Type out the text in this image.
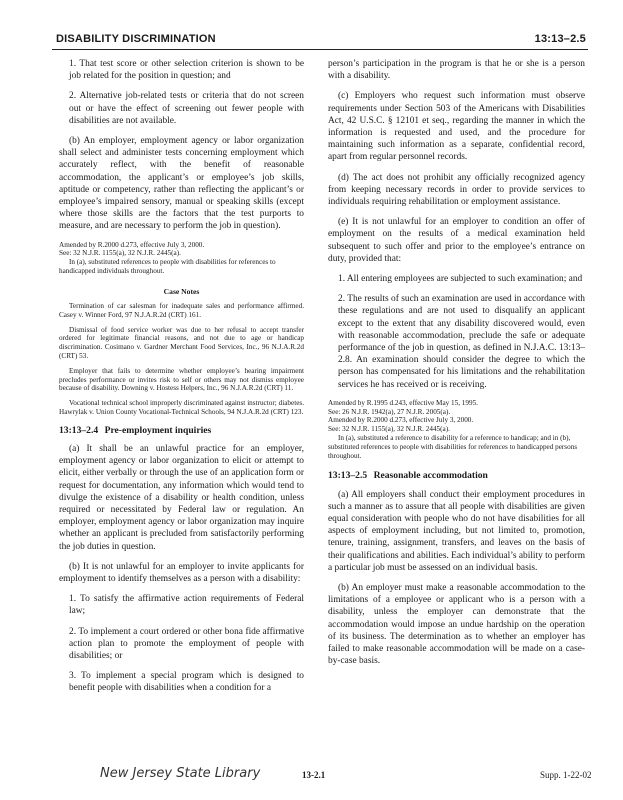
DISABILITY DISCRIMINATION	13:13–2.5

1. That test score or other selection criterion is shown to be job related for the position in question; and

2. Alternative job-related tests or criteria that do not screen out or have the effect of screening out fewer people with disabilities are not available.

(b) An employer, employment agency or labor organization shall select and administer tests concerning employment which accurately reflect, with the benefit of reasonable accommodation, the applicant’s or employee’s job skills, aptitude or competency, rather than reflecting the applicant’s or employee’s impaired sensory, manual or speaking skills (except where those skills are the factors that the test purports to measure, and are necessary to perform the job in question).

Amended by R.2000 d.273, effective July 3, 2000.

See: 32 N.J.R. 1155(a), 32 N.J.R. 2445(a).

In (a), substituted references to people with disabilities for references to handicapped individuals throughout.

Case Notes

Termination of car salesman for inadequate sales and performance affirmed. Casey v. Winner Ford, 97 N.J.A.R.2d (CRT) 161.

Dismissal of food service worker was due to her refusal to accept transfer ordered for legitimate financial reasons, and not due to age or handicap discrimination. Cosimano v. Gardner Merchant Food Services, Inc., 96 N.J.A.R.2d (CRT) 53.

Employer that fails to determine whether employee’s hearing impairment precludes performance or invites risk to self or others may not dismiss employee because of disability. Downing v. Hostess Helpers, Inc., 96 N.J.A.R.2d (CRT) 11.

Vocational technical school improperly discriminated against instructor; diabetes. Hawrylak v. Union County Vocational-Technical Schools, 94 N.J.A.R.2d (CRT) 123.

13:13–2.4 Pre-employment inquiries

(a) It shall be an unlawful practice for an employer, employment agency or labor organization to elicit or attempt to elicit, either verbally or through the use of an application form or request for documentation, any information which would tend to divulge the existence of a disability or health condition, unless required or necessitated by Federal law or regulation. An employer, employment agency or labor organization may inquire whether an applicant is precluded from satisfactorily performing the job duties in question.

(b) It is not unlawful for an employer to invite applicants for employment to identify themselves as a person with a disability:

1. To satisfy the affirmative action requirements of Federal law;

2. To implement a court ordered or other bona fide affirmative action plan to promote the employment of people with disabilities; or

3. To implement a special program which is designed to benefit people with disabilities when a condition for a

person’s participation in the program is that he or she is a person with a disability.

(c) Employers who request such information must observe requirements under Section 503 of the Americans with Disabilities Act, 42 U.S.C. § 12101 et seq., regarding the manner in which the information is requested and used, and the procedure for maintaining such information as a separate, confidential record, apart from regular personnel records.

(d) The act does not prohibit any officially recognized agency from keeping necessary records in order to provide services to individuals requiring rehabilitation or employment assistance.

(e) It is not unlawful for an employer to condition an offer of employment on the results of a medical examination held subsequent to such offer and prior to the employee’s entrance on duty, provided that:

1. All entering employees are subjected to such examination; and

2. The results of such an examination are used in accordance with these regulations and are not used to disqualify an applicant except to the extent that any disability discovered would, even with reasonable accommodation, preclude the safe or adequate performance of the job in question, as defined in N.J.A.C. 13:13–2.8. An examination should consider the degree to which the person has compensated for his limitations and the rehabilitation services he has received or is receiving.

Amended by R.1995 d.243, effective May 15, 1995.

See: 26 N.J.R. 1942(a), 27 N.J.R. 2005(a).

Amended by R.2000 d.273, effective July 3, 2000.

See: 32 N.J.R. 1155(a), 32 N.J.R. 2445(a).

In (a), substituted a reference to disability for a reference to handicap; and in (b), substituted references to people with disabilities for references to handicapped persons throughout.

13:13–2.5 Reasonable accommodation

(a) All employers shall conduct their employment procedures in such a manner as to assure that all people with disabilities are given equal consideration with people who do not have disabilities for all aspects of employment including, but not limited to, promotion, tenure, training, assignment, transfers, and leaves on the basis of their qualifications and abilities. Each individual’s ability to perform a particular job must be assessed on an individual basis.

(b) An employer must make a reasonable accommodation to the limitations of a employee or applicant who is a person with a disability, unless the employer can demonstrate that the accommodation would impose an undue hardship on the operation of its business. The determination as to whether an employer has failed to make reasonable accommodation will be made on a case-by-case basis.

New Jersey State Library	13-2.1	Supp. 1-22-02
